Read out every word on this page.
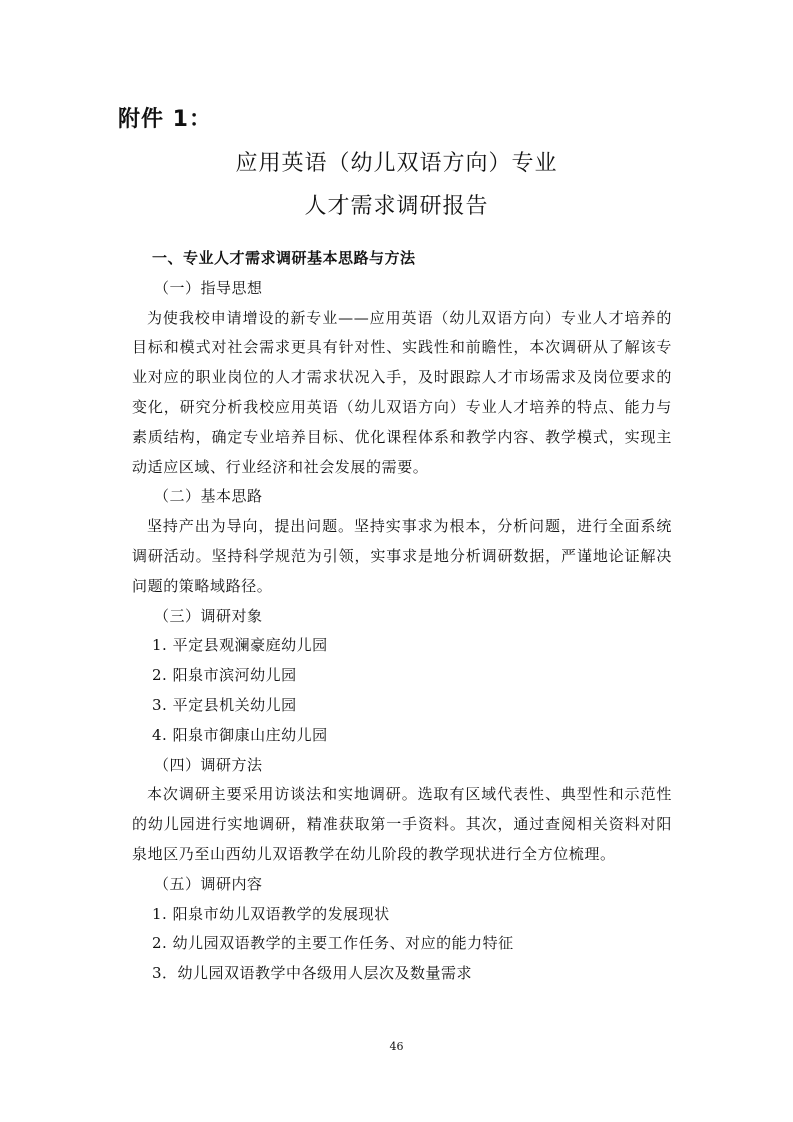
附件 1：
应用英语（幼儿双语方向）专业
人才需求调研报告
一、专业人才需求调研基本思路与方法
（一）指导思想

为使我校申请增设的新专业——应用英语（幼儿双语方向）专业人才培养的目标和模式对社会需求更具有针对性、实践性和前瞻性，本次调研从了解该专业对应的职业岗位的人才需求状况入手，及时跟踪人才市场需求及岗位要求的变化，研究分析我校应用英语（幼儿双语方向）专业人才培养的特点、能力与素质结构，确定专业培养目标、优化课程体系和教学内容、教学模式，实现主动适应区域、行业经济和社会发展的需要。

（二）基本思路

坚持产出为导向，提出问题。坚持实事求为根本，分析问题，进行全面系统调研活动。坚持科学规范为引领，实事求是地分析调研数据，严谨地论证解决问题的策略域路径。

（三）调研对象
1. 平定县观澜豪庭幼儿园
2. 阳泉市滨河幼儿园
3. 平定县机关幼儿园
4. 阳泉市御康山庄幼儿园
（四）调研方法

本次调研主要采用访谈法和实地调研。选取有区域代表性、典型性和示范性的幼儿园进行实地调研，精准获取第一手资料。其次，通过查阅相关资料对阳泉地区乃至山西幼儿双语教学在幼儿阶段的教学现状进行全方位梳理。

（五）调研内容
1. 阳泉市幼儿双语教学的发展现状
2. 幼儿园双语教学的主要工作任务、对应的能力特征
3．幼儿园双语教学中各级用人层次及数量需求
46
